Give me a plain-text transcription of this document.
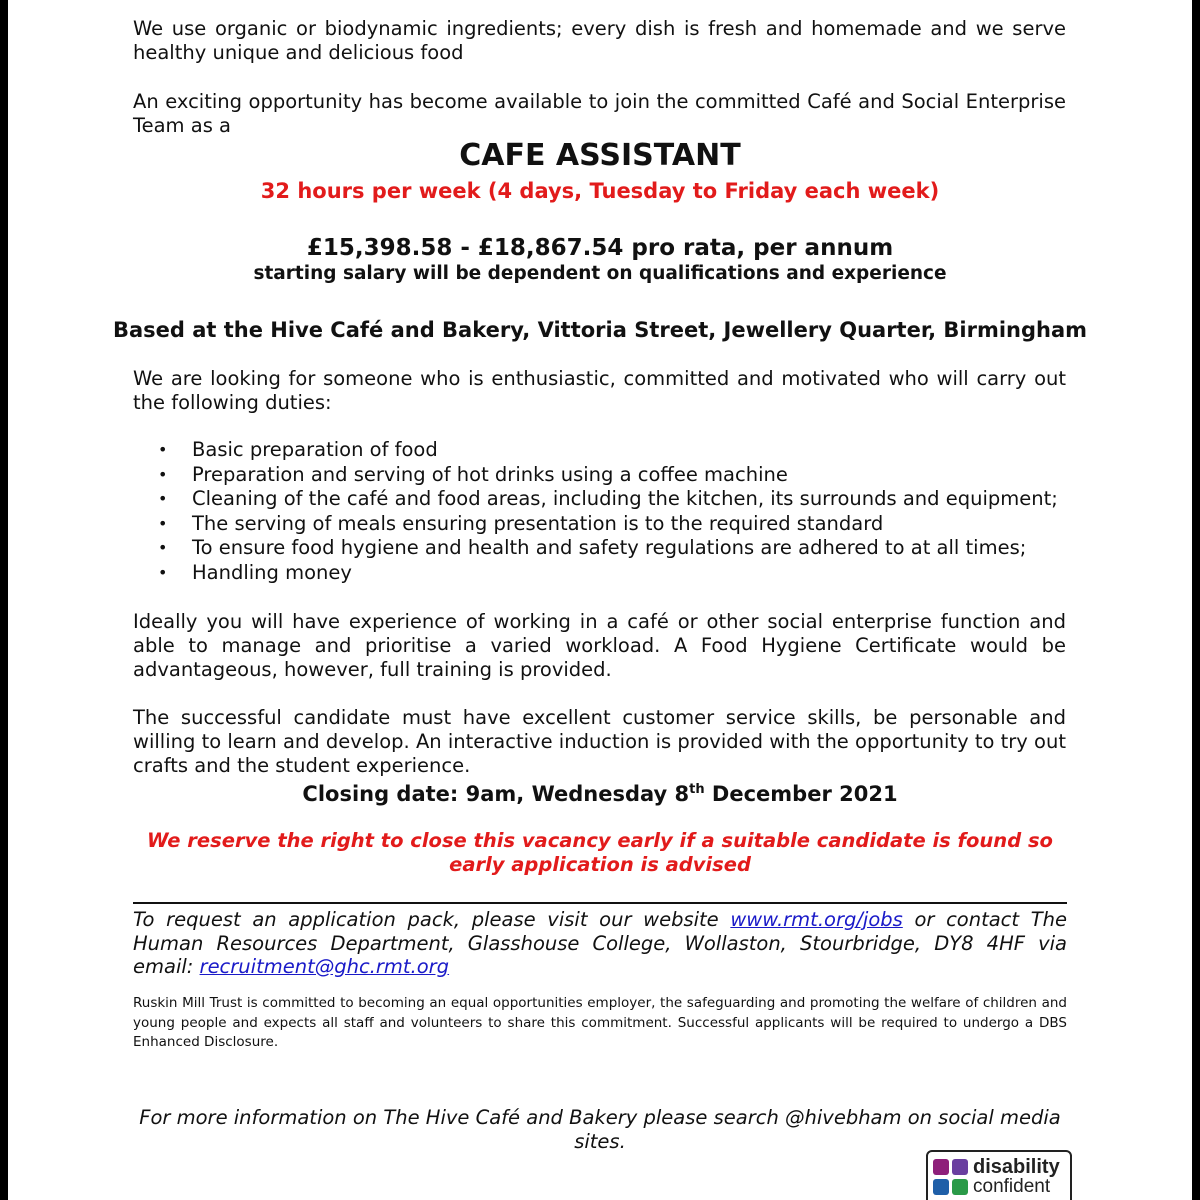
We use organic or biodynamic ingredients; every dish is fresh and homemade and we serve healthy unique and delicious food

An exciting opportunity has become available to join the committed Café and Social Enterprise Team as a

CAFE ASSISTANT

32 hours per week (4 days, Tuesday to Friday each week)

£15,398.58 - £18,867.54 pro rata, per annum

starting salary will be dependent on qualifications and experience

Based at the Hive Café and Bakery, Vittoria Street, Jewellery Quarter, Birmingham

We are looking for someone who is enthusiastic, committed and motivated who will carry out the following duties:

• Basic preparation of food
• Preparation and serving of hot drinks using a coffee machine
• Cleaning of the café and food areas, including the kitchen, its surrounds and equipment;
• The serving of meals ensuring presentation is to the required standard
• To ensure food hygiene and health and safety regulations are adhered to at all times;
• Handling money

Ideally you will have experience of working in a café or other social enterprise function and able to manage and prioritise a varied workload. A Food Hygiene Certificate would be advantageous, however, full training is provided.

The successful candidate must have excellent customer service skills, be personable and willing to learn and develop. An interactive induction is provided with the opportunity to try out crafts and the student experience.

Closing date: 9am, Wednesday 8th December 2021

We reserve the right to close this vacancy early if a suitable candidate is found so early application is advised

To request an application pack, please visit our website www.rmt.org/jobs or contact The Human Resources Department, Glasshouse College, Wollaston, Stourbridge, DY8 4HF via email: recruitment@ghc.rmt.org

Ruskin Mill Trust is committed to becoming an equal opportunities employer, the safeguarding and promoting the welfare of children and young people and expects all staff and volunteers to share this commitment. Successful applicants will be required to undergo a DBS Enhanced Disclosure.

For more information on The Hive Café and Bakery please search @hivebham on social media sites.

disability
confident
